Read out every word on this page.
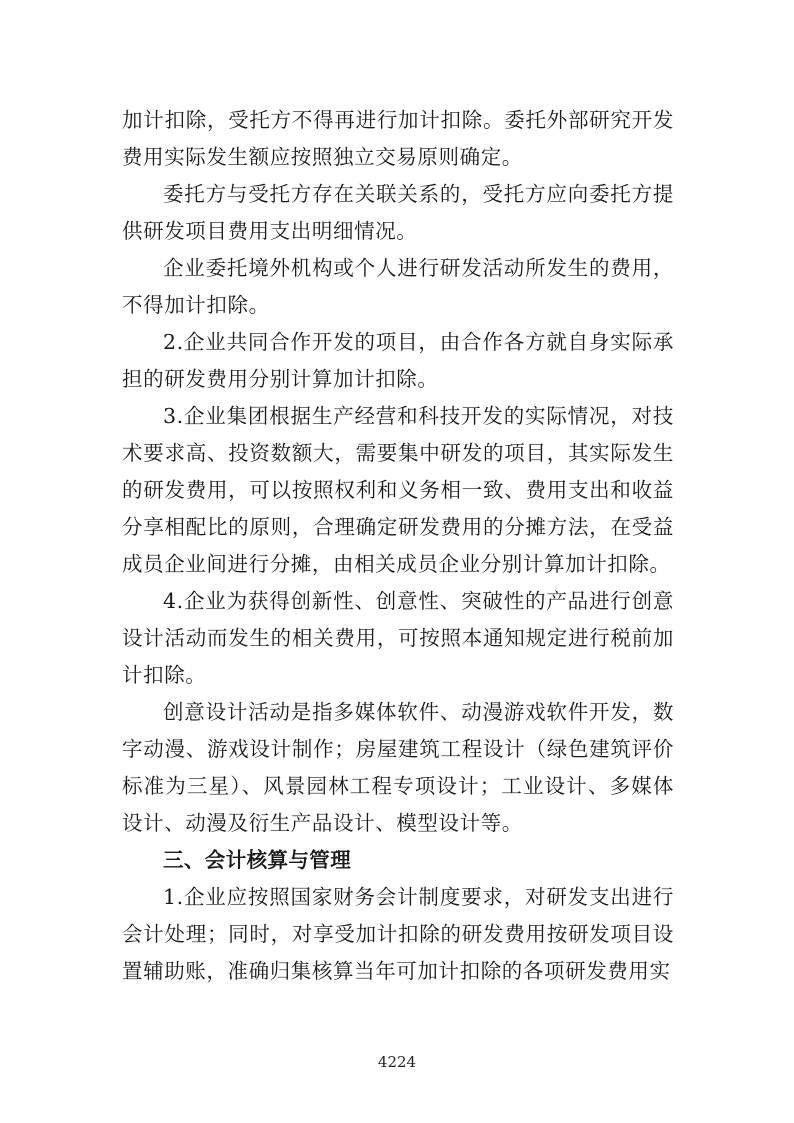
加计扣除，受托方不得再进行加计扣除。委托外部研究开发费用实际发生额应按照独立交易原则确定。

委托方与受托方存在关联关系的，受托方应向委托方提供研发项目费用支出明细情况。

企业委托境外机构或个人进行研发活动所发生的费用，不得加计扣除。

2.企业共同合作开发的项目，由合作各方就自身实际承担的研发费用分别计算加计扣除。

3.企业集团根据生产经营和科技开发的实际情况，对技术要求高、投资数额大，需要集中研发的项目，其实际发生的研发费用，可以按照权利和义务相一致、费用支出和收益分享相配比的原则，合理确定研发费用的分摊方法，在受益成员企业间进行分摊，由相关成员企业分别计算加计扣除。

4.企业为获得创新性、创意性、突破性的产品进行创意设计活动而发生的相关费用，可按照本通知规定进行税前加计扣除。

创意设计活动是指多媒体软件、动漫游戏软件开发，数字动漫、游戏设计制作；房屋建筑工程设计（绿色建筑评价标准为三星）、风景园林工程专项设计；工业设计、多媒体设计、动漫及衍生产品设计、模型设计等。

三、会计核算与管理

1.企业应按照国家财务会计制度要求，对研发支出进行会计处理；同时，对享受加计扣除的研发费用按研发项目设置辅助账，准确归集核算当年可加计扣除的各项研发费用实

4224
